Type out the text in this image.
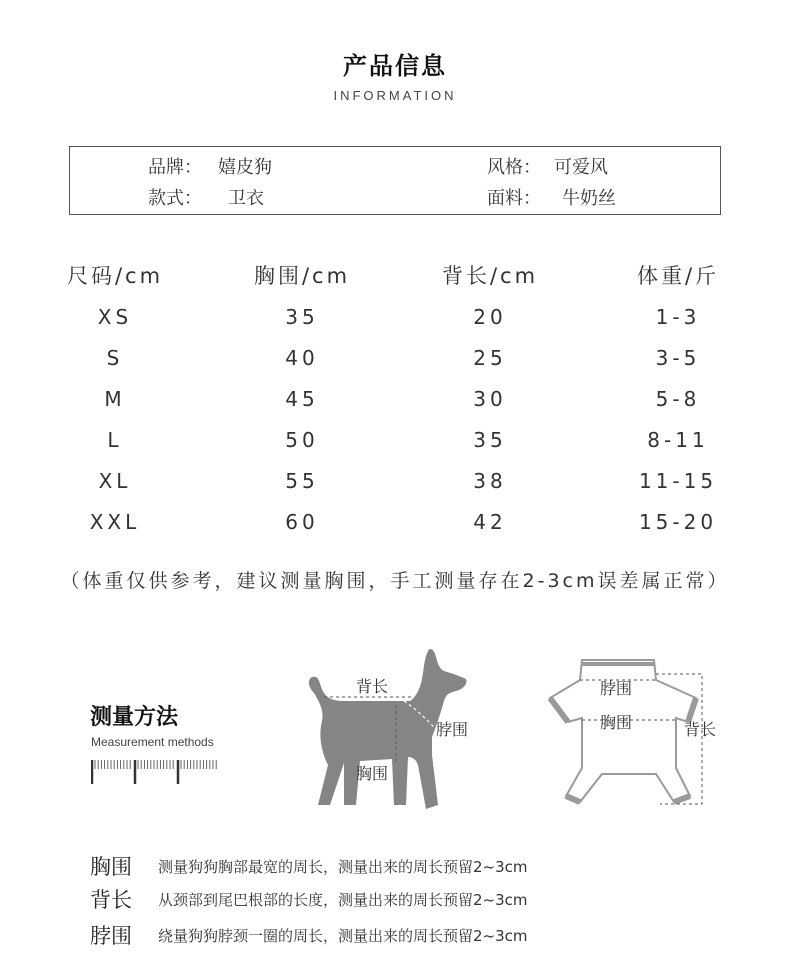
产品信息
INFORMATION
品牌： 嬉皮狗	风格： 可爱风
款式： 卫衣	面料： 牛奶丝
尺码/cm	胸围/cm	背长/cm	体重/斤
XS	35	20	1-3
S	40	25	3-5
M	45	30	5-8
L	50	35	8-11
XL	55	38	11-15
XXL	60	42	15-20
（体重仅供参考，建议测量胸围，手工测量存在2-3cm误差属正常）
测量方法
Measurement methods
背长
脖围
胸围
脖围
胸围	背长
胸围 测量狗狗胸部最宽的周长，测量出来的周长预留2~3cm
背长 从颈部到尾巴根部的长度，测量出来的周长预留2~3cm
脖围 绕量狗狗脖颈一圈的周长，测量出来的周长预留2~3cm
